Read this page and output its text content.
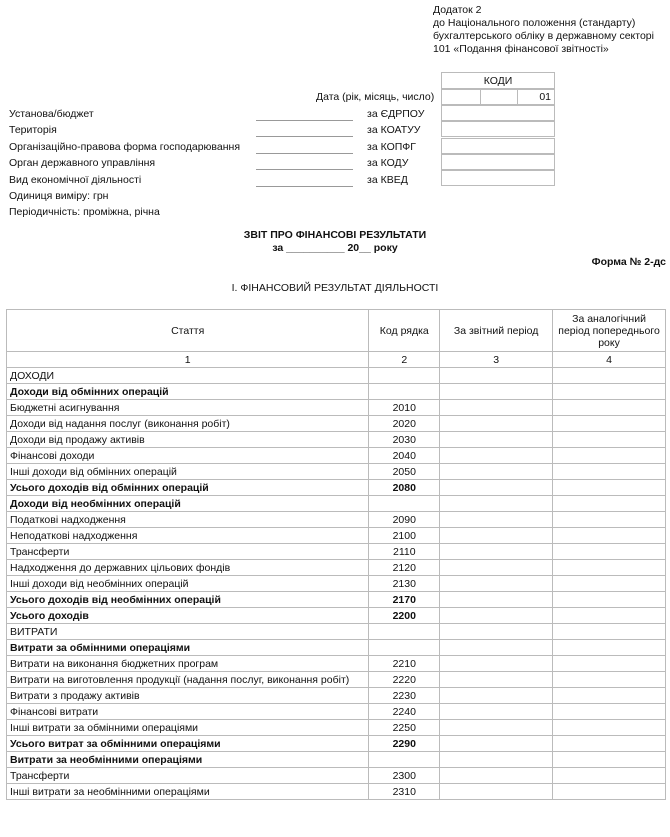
Додаток 2
до Національного положення (стандарту)
бухгалтерського обліку в державному секторі
101 «Подання фінансової звітності»
КОДИ
Дата (рік, місяць, число)	01
Установа/бюджет	за ЄДРПОУ
Територія	за КОАТУУ
Організаційно-правова форма господарювання	за КОПФГ
Орган державного управління	за КОДУ
Вид економічної діяльності	за КВЕД
Одиниця виміру: грн
Періодичність: проміжна, річна
ЗВІТ ПРО ФІНАНСОВІ РЕЗУЛЬТАТИ
за __________ 20__ року
Форма № 2-дс
I. ФІНАНСОВИЙ РЕЗУЛЬТАТ ДІЯЛЬНОСТІ
Стаття	Код рядка	За звітний період	За аналогічний період попереднього року
1	2	3	4
ДОХОДИ			
Доходи від обмінних операцій			
Бюджетні асигнування	2010		
Доходи від надання послуг (виконання робіт)	2020		
Доходи від продажу активів	2030		
Фінансові доходи	2040		
Інші доходи від обмінних операцій	2050		
Усього доходів від обмінних операцій	2080		
Доходи від необмінних операцій			
Податкові надходження	2090		
Неподаткові надходження	2100		
Трансферти	2110		
Надходження до державних цільових фондів	2120		
Інші доходи від необмінних операцій	2130		
Усього доходів від необмінних операцій	2170		
Усього доходів	2200		
ВИТРАТИ			
Витрати за обмінними операціями			
Витрати на виконання бюджетних програм	2210		
Витрати на виготовлення продукції (надання послуг, виконання робіт)	2220		
Витрати з продажу активів	2230		
Фінансові витрати	2240		
Інші витрати за обмінними операціями	2250		
Усього витрат за обмінними операціями	2290		
Витрати за необмінними операціями			
Трансферти	2300		
Інші витрати за необмінними операціями	2310		
